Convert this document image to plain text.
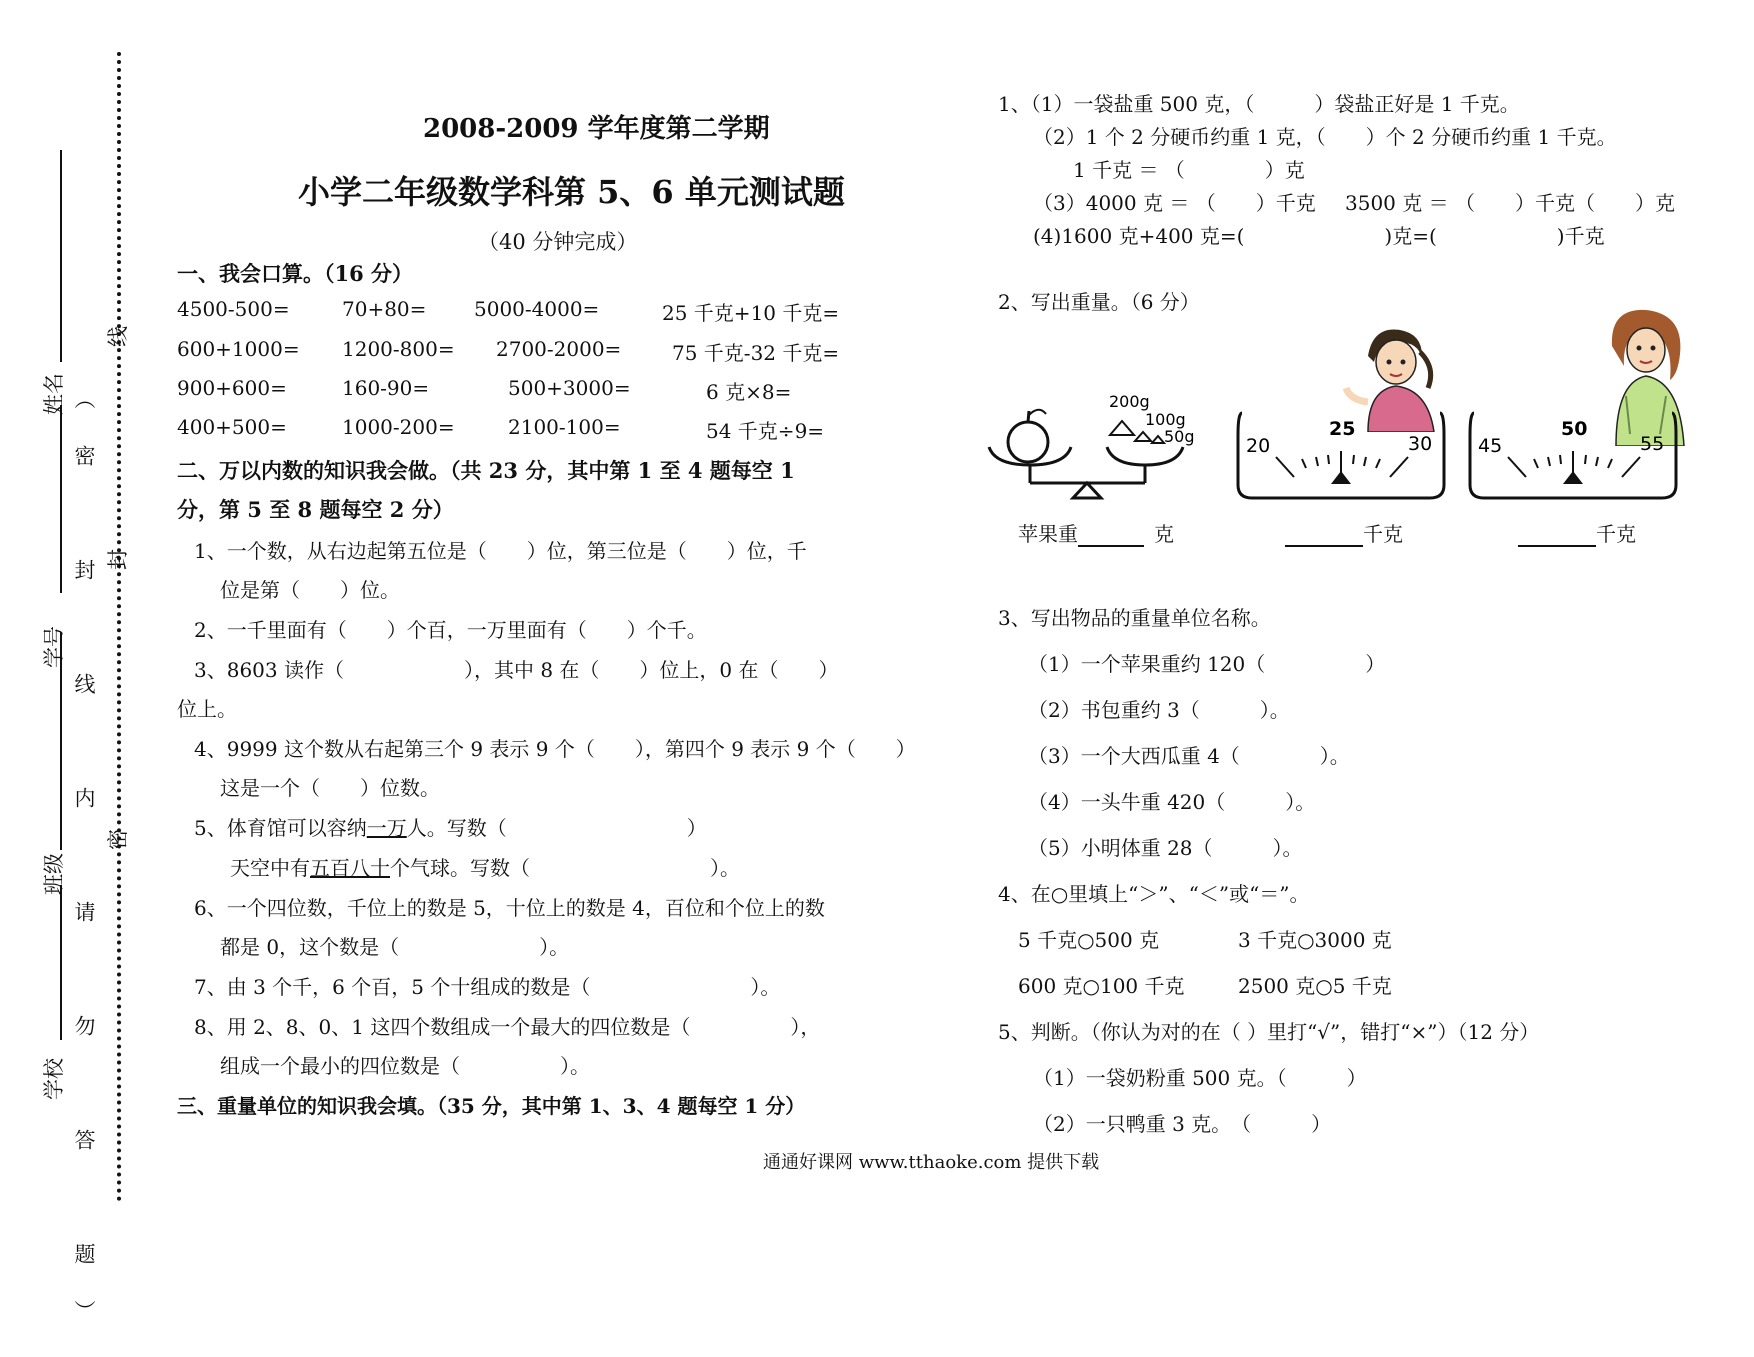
姓名
学号
班级
学校 （密　封　线　内　请　勿　答　题）
线
封
密
2008-2009 学年度第二学期
小学二年级数学科第 5、6 单元测试题
（40 分钟完成）
一、我会口算。（16 分）
4500-500=	70+80= 5000-4000=	25 千克+10 千克=
600+1000= 1200-800= 2700-2000=	75 千克-32 千克=
900+600=	160-90=	500+3000=	6 克×8=
400+500=	1000-200=	2100-100=	54 千克÷9=
二、万以内数的知识我会做。（共 23 分，其中第 1 至 4 题每空 1
分，第 5 至 8 题每空 2 分）
1、一个数，从右边起第五位是（　　）位，第三位是（　　）位，千
位是第（　　）位。
2、一千里面有（　　）个百，一万里面有（　　）个千。
3、8603 读作（　　　　　　），其中 8 在（　　）位上，0 在（　　）
位上。
4、9999 这个数从右起第三个 9 表示 9 个（　　），第四个 9 表示 9 个（　　）
这是一个（　　）位数。
5、体育馆可以容纳一万人。写数（　　　　　　　　　）
天空中有五百八十个气球。写数（　　　　　　　　　）。
6、一个四位数，千位上的数是 5，十位上的数是 4，百位和个位上的数
都是 0，这个数是（　　　　　　　）。
7、由 3 个千，6 个百，5 个十组成的数是（　　　　　　　　）。
8、用 2、8、0、1 这四个数组成一个最大的四位数是（　　　　　），
组成一个最小的四位数是（　　　　　）。
三、重量单位的知识我会填。（35 分，其中第 1、3、4 题每空 1 分）
1、（1）一袋盐重 500 克，（　　　）袋盐正好是 1 千克。
（2）1 个 2 分硬币约重 1 克，（　　）个 2 分硬币约重 1 千克。
1 千克 ＝ （　　　　）克
（3）4000 克 ＝ （　　）千克 3500 克 ＝ （　　）千克（　　）克
(4)1600 克+400 克=(　　　　　　　)克=(　　　　　　)千克
2、写出重量。（6 分）
200g
100g
50g	20
25
30 45
50
55
苹果重	克	千克	千克
3、写出物品的重量单位名称。
（1）一个苹果重约 120（　　　　　）
（2）书包重约 3（　　　）。
（3）一个大西瓜重 4（　　　　）。
（4）一头牛重 420（　　　）。
（5）小明体重 28（　　　）。
4、在○里填上“＞”、“＜”或“＝”。
5 千克○500 克	3 千克○3000 克
600 克○100 千克	2500 克○5 千克
5、判断。（你认为对的在（ ）里打“√”，错打“×”）（12 分）
（1）一袋奶粉重 500 克。（　　　）
（2）一只鸭重 3 克。　（　　　）
通通好课网 www.tthaoke.com 提供下载
